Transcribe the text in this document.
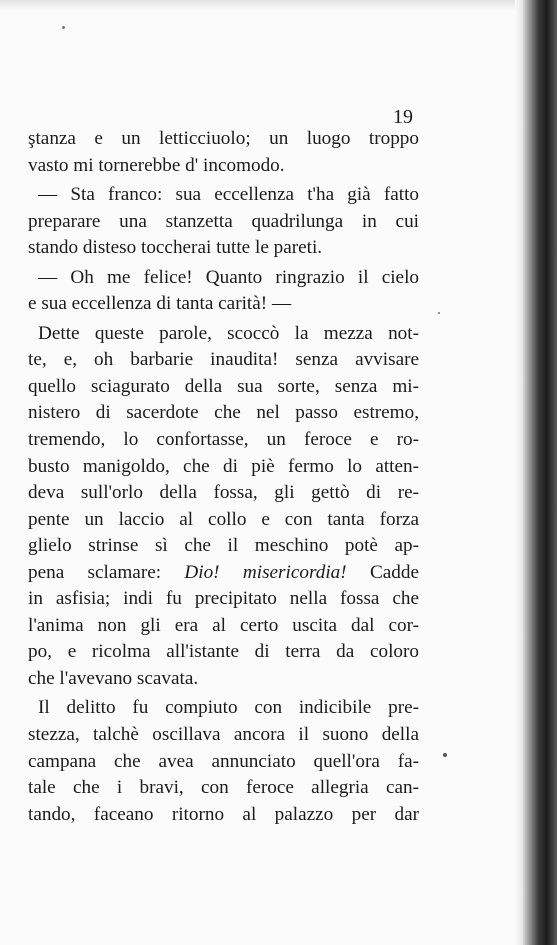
19
ştanza e un letticciuolo; un luogo troppo
vasto mi tornerebbe d' incomodo.
— Sta franco: sua eccellenza t'ha già fatto
preparare una stanzetta quadrilunga in cui
stando disteso toccherai tutte le pareti.
— Oh me felice! Quanto ringrazio il cielo
e sua eccellenza di tanta carità! —
Dette queste parole, scoccò la mezza not-
te, e, oh barbarie inaudita! senza avvisare
quello sciagurato della sua sorte, senza mi-
nistero di sacerdote che nel passo estremo,
tremendo, lo confortasse, un feroce e ro-
busto manigoldo, che di piè fermo lo atten-
deva sull'orlo della fossa, gli gettò di re-
pente un laccio al collo e con tanta forza
glielo strinse sì che il meschino potè ap-
pena sclamare: Dio! misericordia! Cadde
in asfisia; indi fu precipitato nella fossa che
l'anima non gli era al certo uscita dal cor-
po, e ricolma all'istante di terra da coloro
che l'avevano scavata.
Il delitto fu compiuto con indicibile pre-
stezza, talchè oscillava ancora il suono della
campana che avea annunciato quell'ora fa-
tale che i bravi, con feroce allegria can-
tando, faceano ritorno al palazzo per dar
